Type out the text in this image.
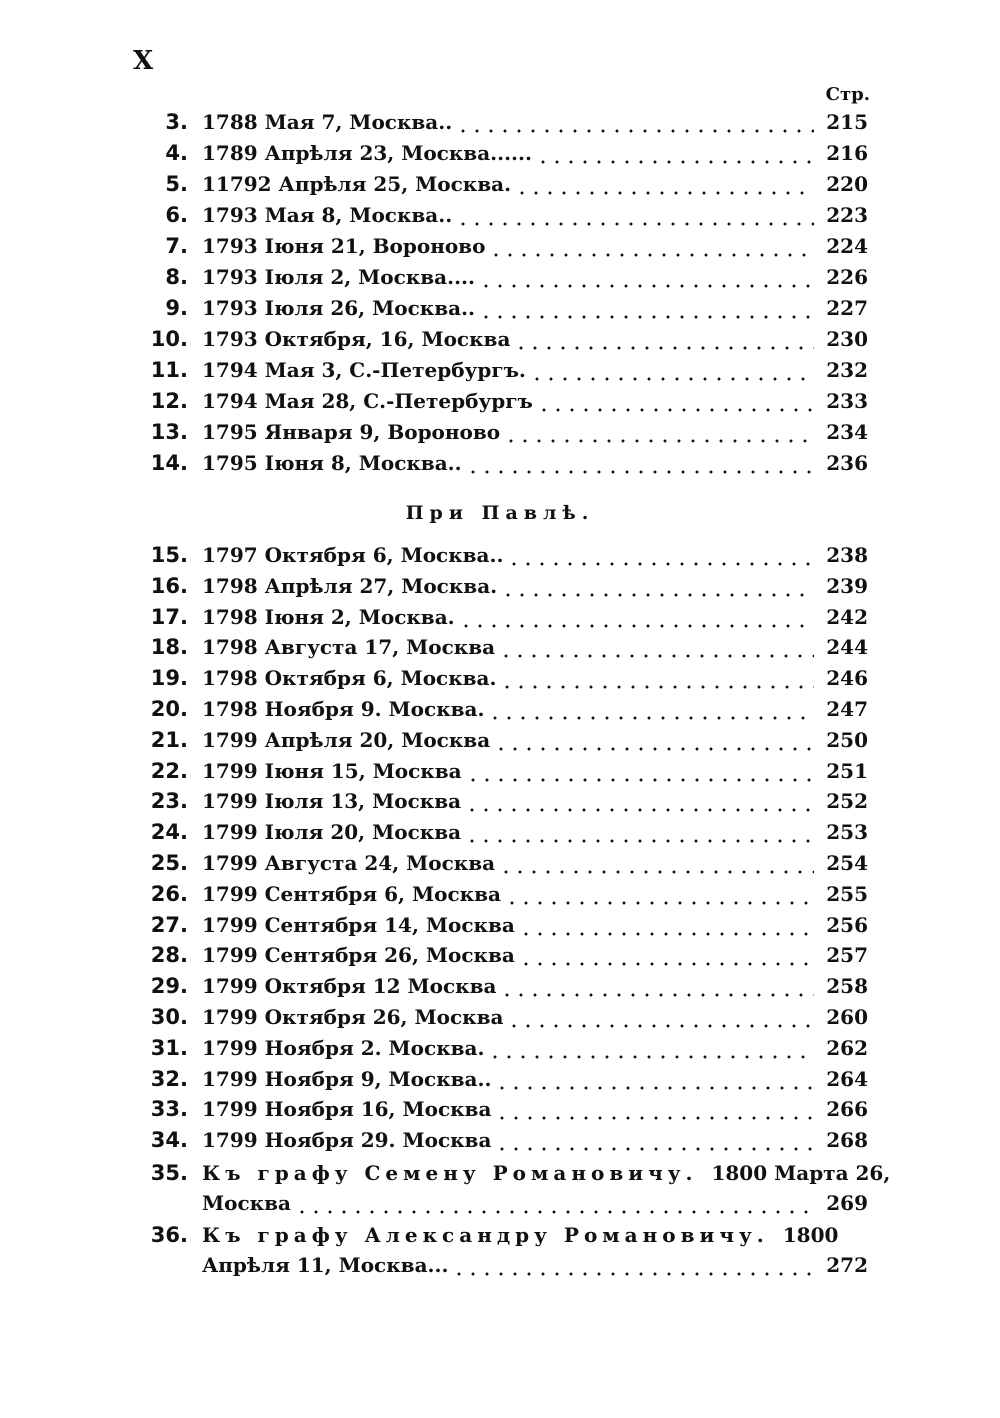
X
Стр.
3. 1788 Мая 7, Москва..	215
4. 1789 Апрѣля 23, Москва......	216
5. 11792 Апрѣля 25, Москва.	220
6. 1793 Мая 8, Москва..	223
7. 1793 Іюня 21, Вороново	224
8. 1793 Іюля 2, Москва....	226
9. 1793 Іюля 26, Москва..	227
10. 1793 Октября, 16, Москва	230
11. 1794 Мая 3, С.-Петербургъ.	232
12. 1794 Мая 28, С.-Петербургъ	233
13. 1795 Января 9, Вороново	234
14. 1795 Іюня 8, Москва..	236
При Павлѣ.
15. 1797 Октября 6, Москва..	238
16. 1798 Апрѣля 27, Москва.	239
17. 1798 Іюня 2, Москва.	242
18. 1798 Августа 17, Москва	244
19. 1798 Октября 6, Москва.	246
20. 1798 Ноября 9. Москва.	247
21. 1799 Апрѣля 20, Москва	250
22. 1799 Іюня 15, Москва	251
23. 1799 Іюля 13, Москва	252
24. 1799 Іюля 20, Москва	253
25. 1799 Августа 24, Москва	254
26. 1799 Сентября 6, Москва	255
27. 1799 Сентября 14, Москва	256
28. 1799 Сентября 26, Москва	257
29. 1799 Октября 12 Москва	258
30. 1799 Октября 26, Москва	260
31. 1799 Ноября 2. Москва.	262
32. 1799 Ноября 9, Москва..	264
33. 1799 Ноября 16, Москва	266
34. 1799 Ноября 29. Москва	268
35. Къ графу Семену Романовичу. 1800 Марта 26,
Москва	269
36. Къ графу Александру Романовичу. 1800
Апрѣля 11, Москва...	272
